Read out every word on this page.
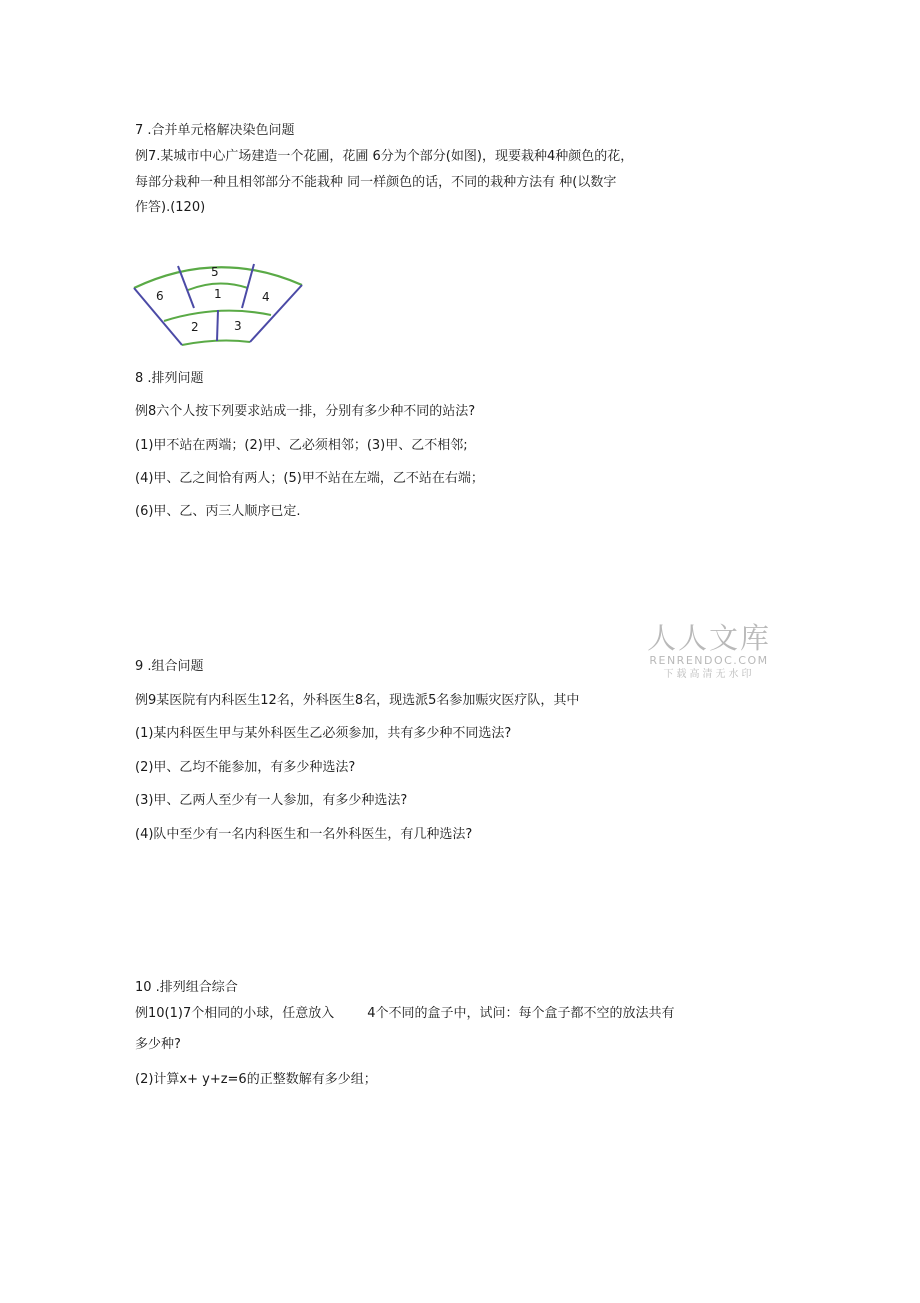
7 .合并单元格解决染色问题
例7.某城市中心广场建造一个花圃，花圃 6分为个部分(如图)，现要栽种4种颜色的花，
每部分栽种一种且相邻部分不能栽种 同一样颜色的话，不同的栽种方法有 种(以数字
作答).(120)
5
1
6	4
2	3
8 .排列问题
例8六个人按下列要求站成一排，分别有多少种不同的站法?
(1)甲不站在两端；(2)甲、乙必须相邻；(3)甲、乙不相邻;
(4)甲、乙之间恰有两人；(5)甲不站在左端，乙不站在右端；
(6)甲、乙、丙三人顺序已定.
人人文库
RENRENDOC.COM
下载高清无水印
9 .组合问题
例9某医院有内科医生12名，外科医生8名，现选派5名参加赈灾医疗队，其中
(1)某内科医生甲与某外科医生乙必须参加，共有多少种不同选法?
(2)甲、乙均不能参加，有多少种选法?
(3)甲、乙两人至少有一人参加，有多少种选法?
(4)队中至少有一名内科医生和一名外科医生，有几种选法?
10 .排列组合综合
例10(1)7个相同的小球，任意放入        4个不同的盒子中，试问：每个盒子都不空的放法共有
多少种?
(2)计算x+ y+z=6的正整数解有多少组；
